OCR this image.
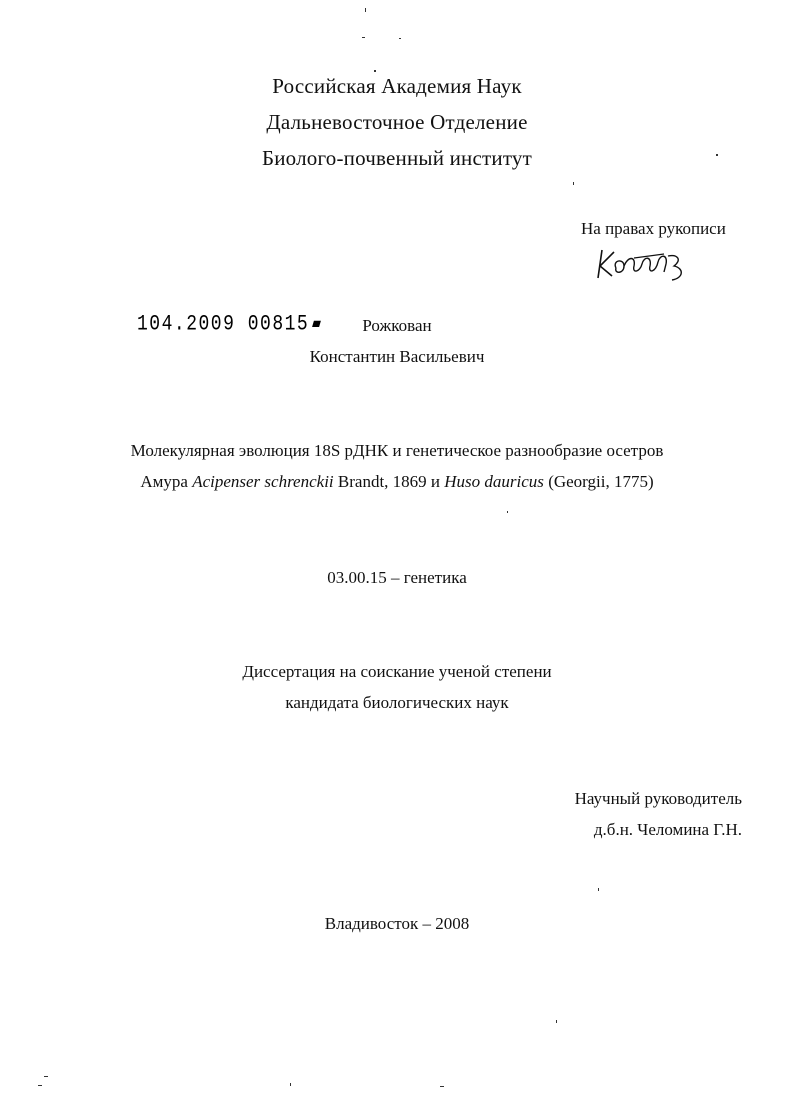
Российская Академия Наук
Дальневосточное Отделение
Биолого-почвенный институт
На правах рукописи
104.2009 00815	Рожкован
Константин Васильевич
Молекулярная эволюция 18S рДНК и генетическое разнообразие осетров
Амура Acipenser schrenckii Brandt, 1869 и Huso dauricus (Georgii, 1775)
03.00.15 – генетика
Диссертация на соискание ученой степени
кандидата биологических наук
Научный руководитель
д.б.н. Челомина Г.Н.
Владивосток – 2008
